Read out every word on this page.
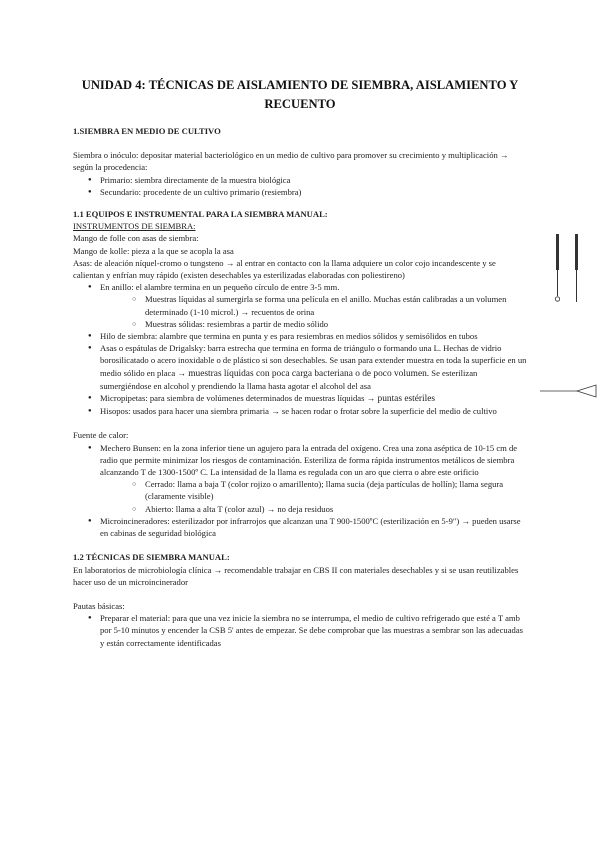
UNIDAD 4: TÉCNICAS DE AISLAMIENTO DE SIEMBRA, AISLAMIENTO Y RECUENTO

1.SIEMBRA EN MEDIO DE CULTIVO

Siembra o inóculo: depositar material bacteriológico en un medio de cultivo para promover su crecimiento y multiplicación → según la procedencia:

● Primario: siembra directamente de la muestra biológica
● Secundario: procedente de un cultivo primario (resiembra)

1.1 EQUIPOS E INSTRUMENTAL PARA LA SIEMBRA MANUAL:

INSTRUMENTOS DE SIEMBRA:

Mango de folle con asas de siembra:

Mango de kolle: pieza a la que se acopla la asa

Asas: de aleación níquel-cromo o tungsteno → al entrar en contacto con la llama adquiere un color cojo incandescente y se calientan y enfrían muy rápido (existen desechables ya esterilizadas elaboradas con poliestireno)

● En anillo: el alambre termina en un pequeño círculo de entre 3-5 mm.
○ Muestras líquidas al sumergirla se forma una película en el anillo. Muchas están calibradas a un volumen determinado (1-10 microl.) → recuentos de orina
○ Muestras sólidas: resiembras a partir de medio sólido
● Hilo de siembra: alambre que termina en punta y es para resiembras en medios sólidos y semisólidos en tubos
● Asas o espátulas de Drigalsky: barra estrecha que termina en forma de triángulo o formando una L. Hechas de vidrio borosilicatado o acero inoxidable o de plástico si son desechables. Se usan para extender muestra en toda la superficie en un medio sólido en placa → muestras líquidas con poca carga bacteriana o de poco volumen. Se esterilizan sumergiéndose en alcohol y prendiendo la llama hasta agotar el alcohol del asa
● Micropipetas: para siembra de volúmenes determinados de muestras líquidas → puntas estériles
● Hisopos: usados para hacer una siembra primaria → se hacen rodar o frotar sobre la superficie del medio de cultivo

Fuente de calor:

● Mechero Bunsen: en la zona inferior tiene un agujero para la entrada del oxígeno. Crea una zona aséptica de 10-15 cm de radio que permite minimizar los riesgos de contaminación. Esteriliza de forma rápida instrumentos metálicos de siembra alcanzando T de 1300-1500º C. La intensidad de la llama es regulada con un aro que cierra o abre este orificio
○ Cerrado: llama a baja T (color rojizo o amarillento); llama sucia (deja partículas de hollín); llama segura (claramente visible)
○ Abierto: llama a alta T (color azul) → no deja residuos
● Microincineradores: esterilizador por infrarrojos que alcanzan una T 900-1500ºC (esterilización en 5-9") → pueden usarse en cabinas de seguridad biológica

1.2 TÉCNICAS DE SIEMBRA MANUAL:

En laboratorios de microbiología clínica → recomendable trabajar en CBS II con materiales desechables y si se usan reutilizables hacer uso de un microincinerador

Pautas básicas:

● Preparar el material: para que una vez inicie la siembra no se interrumpa, el medio de cultivo refrigerado que esté a T amb por 5-10 minutos y encender la CSB 5' antes de empezar. Se debe comprobar que las muestras a sembrar son las adecuadas y están correctamente identificadas
